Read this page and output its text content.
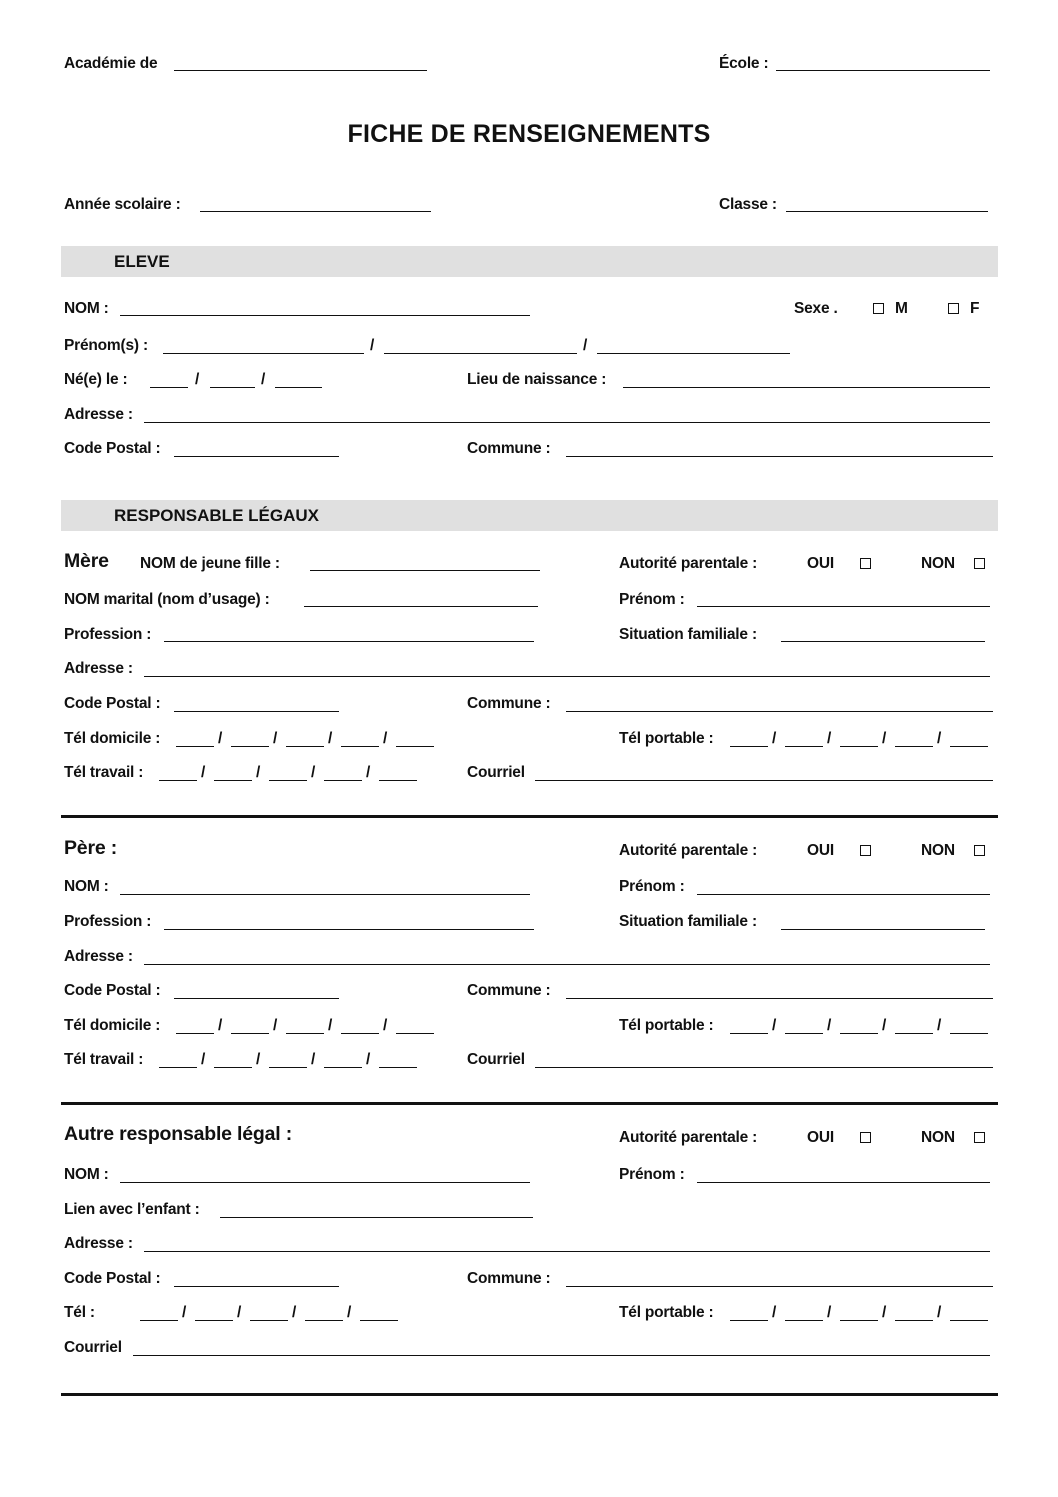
Académie de	École :
FICHE DE RENSEIGNEMENTS
Année scolaire :	Classe :
ELEVE
NOM :	Sexe .	M	F
Prénom(s) :	/	/
Né(e) le :	/	/	Lieu de naissance :
Adresse :
Code Postal :	Commune :
RESPONSABLE LÉGAUX
Mère NOM de jeune fille :	Autorité parentale :	OUI	NON
NOM marital (nom d’usage) :	Prénom :
Profession :	Situation familiale :
Adresse :
Code Postal :	Commune :
Tél domicile :	/	/	/	/	Tél portable :	/	/	/	/
Tél travail :	/	/	/	/	Courriel
Père :	Autorité parentale :	OUI	NON
NOM :	Prénom :
Profession :	Situation familiale :
Adresse :
Code Postal :	Commune :
Tél domicile :	/	/	/	/	Tél portable :	/	/	/	/
Tél travail :	/	/	/	/	Courriel
Autre responsable légal :	Autorité parentale :	OUI	NON
NOM :	Prénom :
Lien avec l’enfant :
Adresse :
Code Postal :	Commune :
Tél :	/	/	/	/	Tél portable :	/	/	/	/
Courriel
